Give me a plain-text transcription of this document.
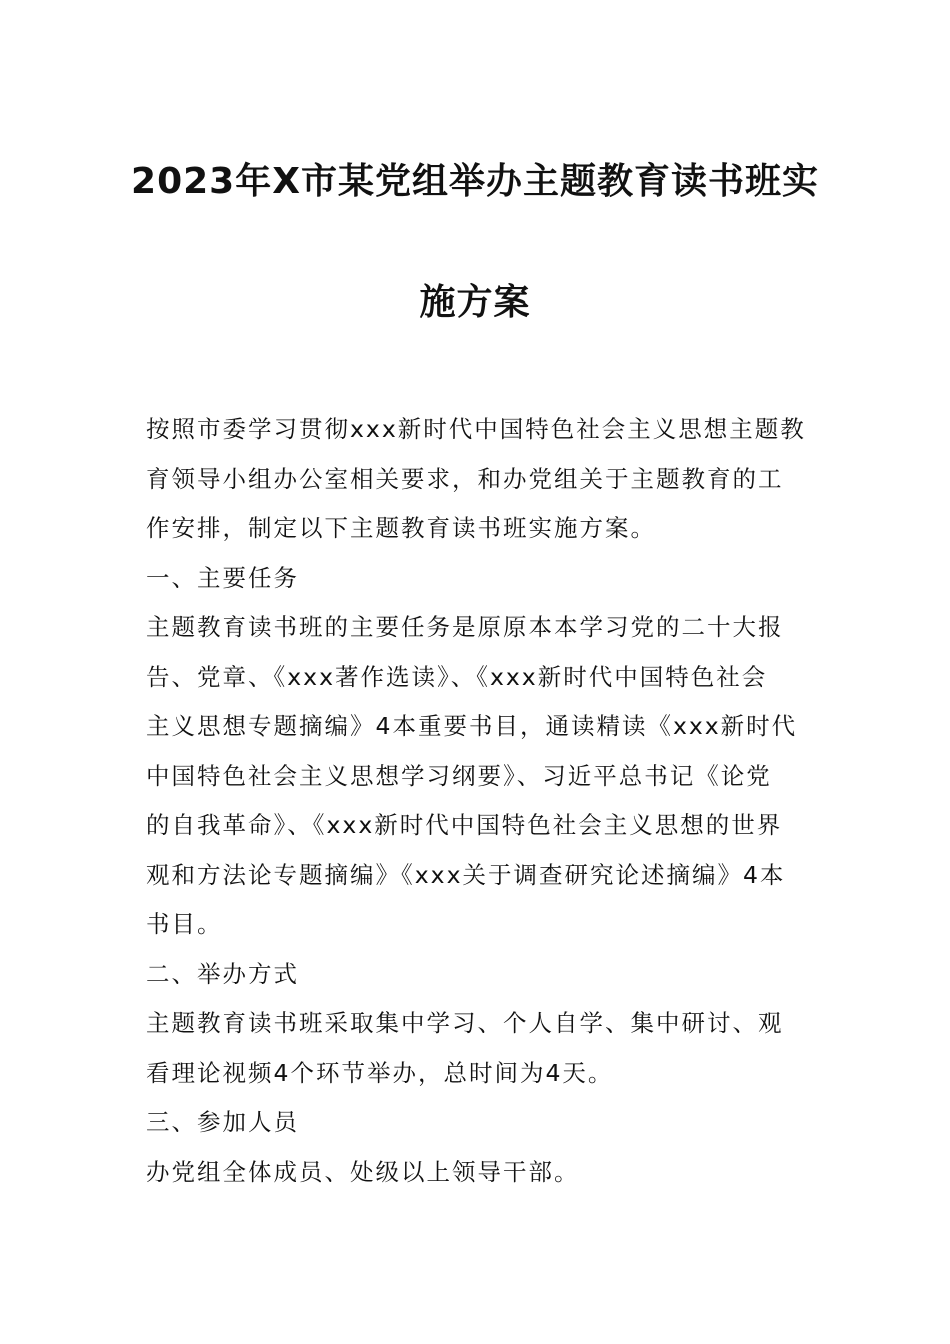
2023年X市某党组举办主题教育读书班实
施方案
按照市委学习贯彻xxx新时代中国特色社会主义思想主题教
育领导小组办公室相关要求，和办党组关于主题教育的工
作安排，制定以下主题教育读书班实施方案。
一、主要任务
主题教育读书班的主要任务是原原本本学习党的二十大报
告、党章、《xxx著作选读》、《xxx新时代中国特色社会
主义思想专题摘编》4本重要书目，通读精读《xxx新时代
中国特色社会主义思想学习纲要》、习近平总书记《论党
的自我革命》、《xxx新时代中国特色社会主义思想的世界
观和方法论专题摘编》《xxx关于调查研究论述摘编》4本
书目。
二、举办方式
主题教育读书班采取集中学习、个人自学、集中研讨、观
看理论视频4个环节举办，总时间为4天。
三、参加人员
办党组全体成员、处级以上领导干部。
